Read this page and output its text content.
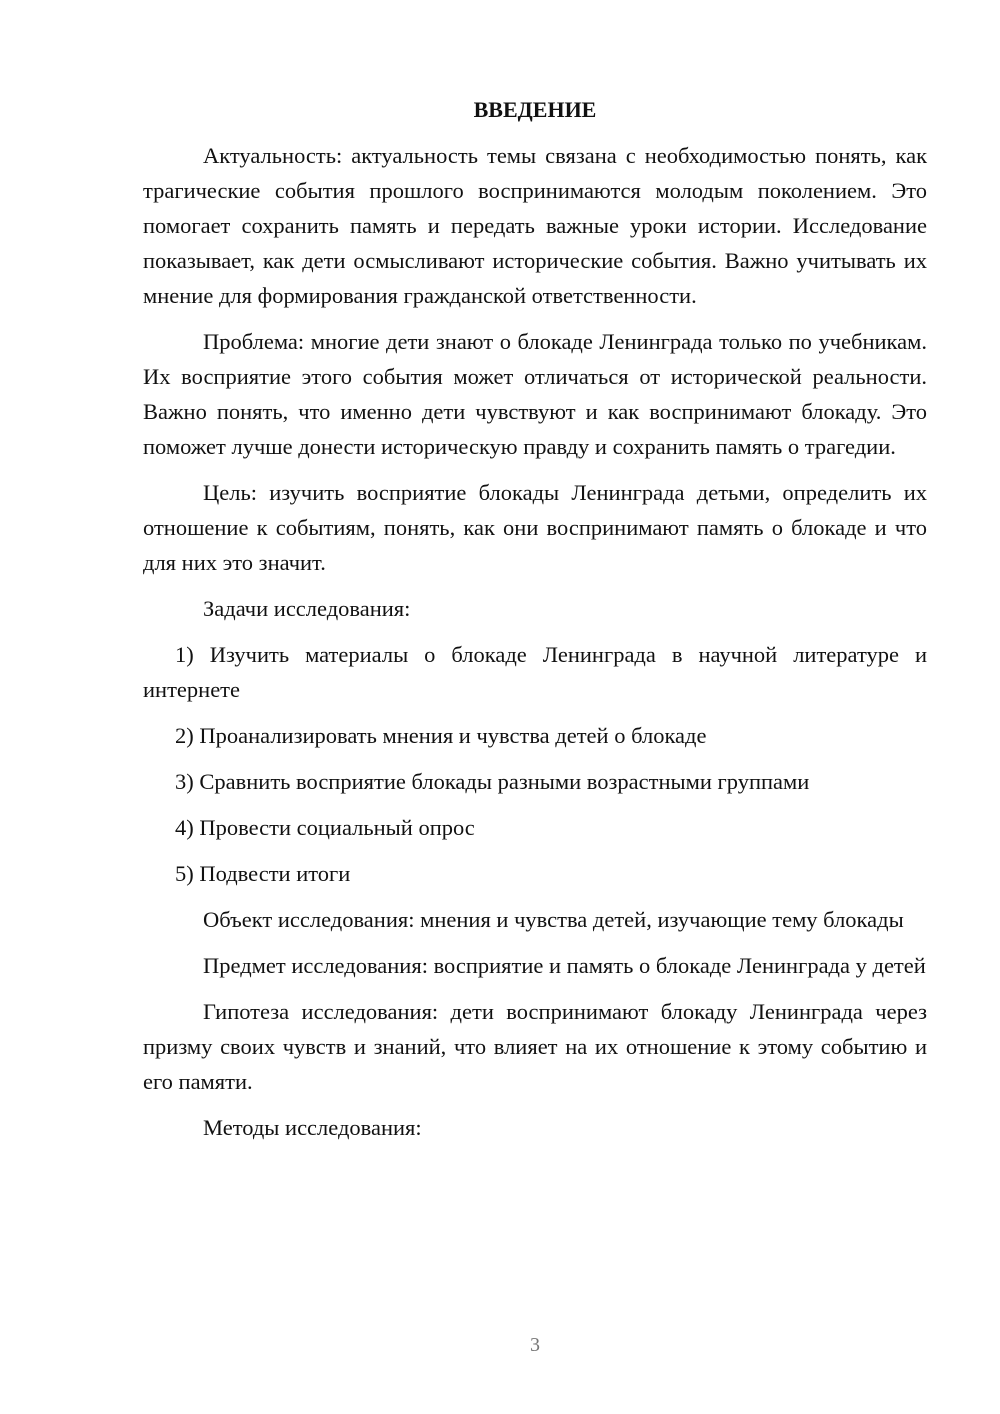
ВВЕДЕНИЕ

Актуальность: актуальность темы связана с необходимостью понять, как трагические события прошлого воспринимаются молодым поколением. Это помогает сохранить память и передать важные уроки истории. Исследование показывает, как дети осмысливают исторические события. Важно учитывать их мнение для формирования гражданской ответственности.

Проблема: многие дети знают о блокаде Ленинграда только по учебникам. Их восприятие этого события может отличаться от исторической реальности. Важно понять, что именно дети чувствуют и как воспринимают блокаду. Это поможет лучше донести историческую правду и сохранить память о трагедии.

Цель: изучить восприятие блокады Ленинграда детьми, определить их отношение к событиям, понять, как они воспринимают память о блокаде и что для них это значит.

Задачи исследования:

1) Изучить материалы о блокаде Ленинграда в научной литературе и интернете

2) Проанализировать мнения и чувства детей о блокаде

3) Сравнить восприятие блокады разными возрастными группами

4) Провести социальный опрос

5) Подвести итоги

Объект исследования: мнения и чувства детей, изучающие тему блокады

Предмет исследования: восприятие и память о блокаде Ленинграда у детей

Гипотеза исследования: дети воспринимают блокаду Ленинграда через призму своих чувств и знаний, что влияет на их отношение к этому событию и его памяти.

Методы исследования:

3
